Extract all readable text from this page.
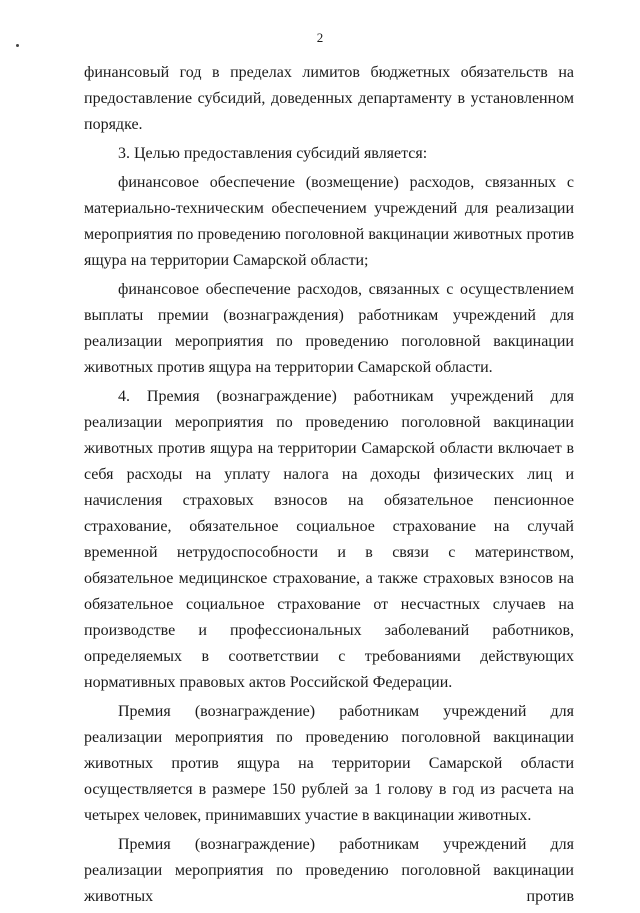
2

финансовый год в пределах лимитов бюджетных обязательств на предоставление субсидий, доведенных департаменту в установленном порядке.

3. Целью предоставления субсидий является:

финансовое обеспечение (возмещение) расходов, связанных с материально-техническим обеспечением учреждений для реализации мероприятия по проведению поголовной вакцинации животных против ящура на территории Самарской области;

финансовое обеспечение расходов, связанных с осуществлением выплаты премии (вознаграждения) работникам учреждений для реализации мероприятия по проведению поголовной вакцинации животных против ящура на территории Самарской области.

4. Премия (вознаграждение) работникам учреждений для реализации мероприятия по проведению поголовной вакцинации животных против ящура на территории Самарской области включает в себя расходы на уплату налога на доходы физических лиц и начисления страховых взносов на обязательное пенсионное страхование, обязательное социальное страхование на случай временной нетрудоспособности и в связи с материнством, обязательное медицинское страхование, а также страховых взносов на обязательное социальное страхование от несчастных случаев на производстве и профессиональных заболеваний работников, определяемых в соответствии с требованиями действующих нормативных правовых актов Российской Федерации.

Премия (вознаграждение) работникам учреждений для реализации мероприятия по проведению поголовной вакцинации животных против ящура на территории Самарской области осуществляется в размере 150 рублей за 1 голову в год из расчета на четырех человек, принимавших участие в вакцинации животных.

Премия (вознаграждение) работникам учреждений для реализации мероприятия по проведению поголовной вакцинации животных против
